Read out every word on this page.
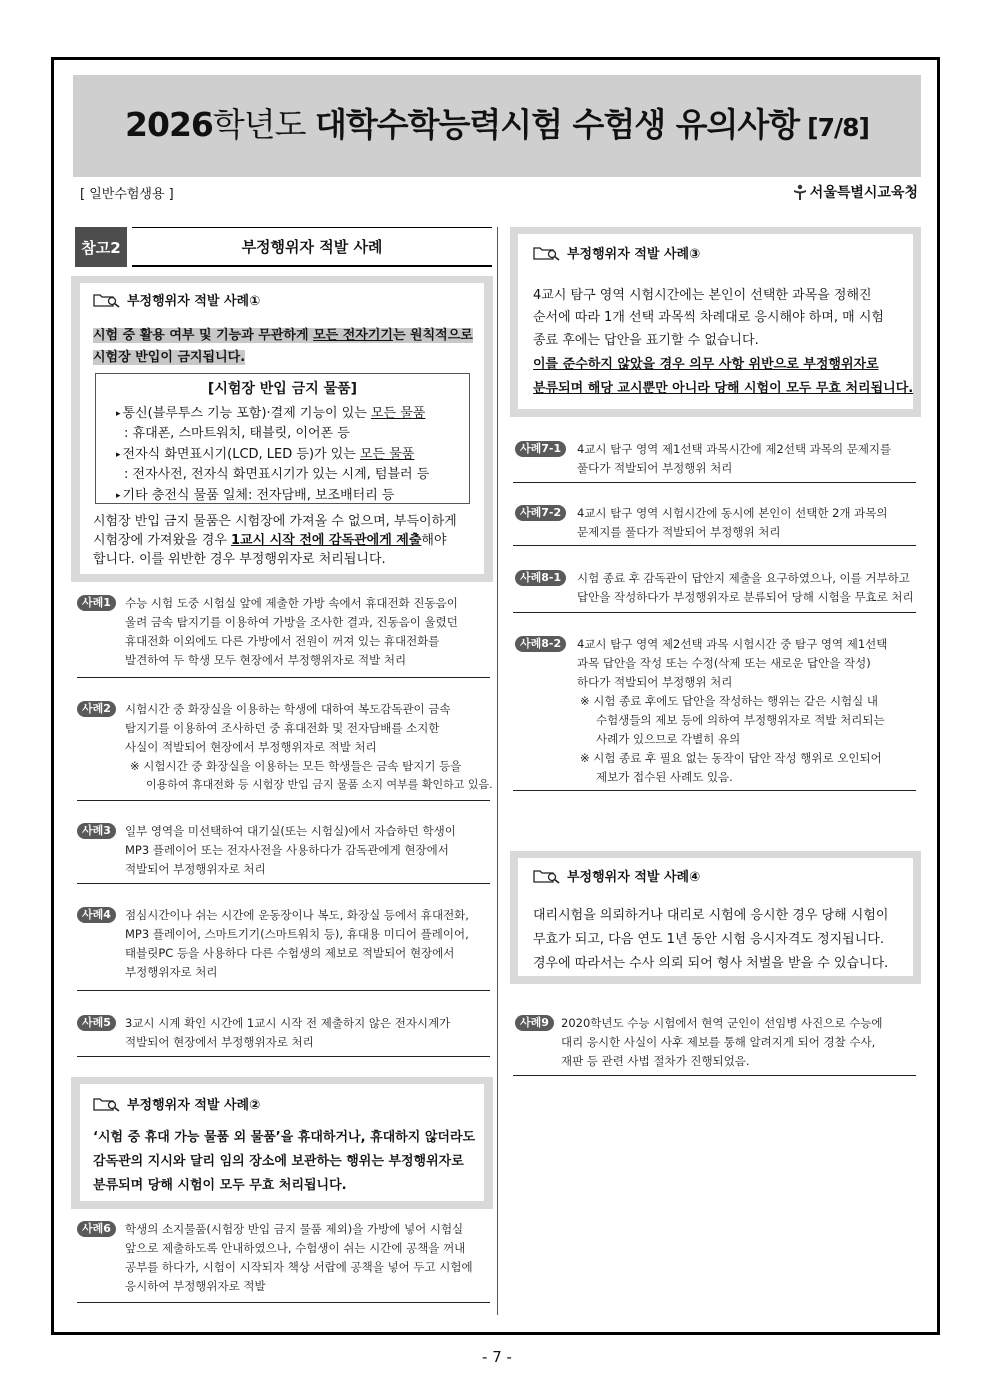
2026학년도 대학수학능력시험 수험생 유의사항 [7/8]
[ 일반수험생용 ]	서울특별시교육청
참고2	부정행위자 적발 사례
부정행위자 적발 사례①
시험 중 활용 여부 및 기능과 무관하게 모든 전자기기는 원칙적으로
시험장 반입이 금지됩니다.
[시험장 반입 금지 물품]
▸ 통신(블루투스 기능 포함)·결제 기능이 있는 모든 물품
: 휴대폰, 스마트워치, 태블릿, 이어폰 등
▸ 전자식 화면표시기(LCD, LED 등)가 있는 모든 물품
: 전자사전, 전자식 화면표시기가 있는 시계, 텀블러 등
▸ 기타 충전식 물품 일체: 전자담배, 보조배터리 등
시험장 반입 금지 물품은 시험장에 가져올 수 없으며, 부득이하게
시험장에 가져왔을 경우 1교시 시작 전에 감독관에게 제출해야
합니다. 이를 위반한 경우 부정행위자로 처리됩니다.
사례1	수능 시험 도중 시험실 앞에 제출한 가방 속에서 휴대전화 진동음이
울려 금속 탐지기를 이용하여 가방을 조사한 결과, 진동음이 울렸던
휴대전화 이외에도 다른 가방에서 전원이 꺼져 있는 휴대전화를
발견하여 두 학생 모두 현장에서 부정행위자로 적발 처리
사례2	시험시간 중 화장실을 이용하는 학생에 대하여 복도감독관이 금속
탐지기를 이용하여 조사하던 중 휴대전화 및 전자담배를 소지한
사실이 적발되어 현장에서 부정행위자로 적발 처리
※ 시험시간 중 화장실을 이용하는 모든 학생들은 금속 탐지기 등을
이용하여 휴대전화 등 시험장 반입 금지 물품 소지 여부를 확인하고 있음.
사례3	일부 영역을 미선택하여 대기실(또는 시험실)에서 자습하던 학생이
MP3 플레이어 또는 전자사전을 사용하다가 감독관에게 현장에서
적발되어 부정행위자로 처리
사례4	점심시간이나 쉬는 시간에 운동장이나 복도, 화장실 등에서 휴대전화,
MP3 플레이어, 스마트기기(스마트워치 등), 휴대용 미디어 플레이어,
태블릿PC 등을 사용하다 다른 수험생의 제보로 적발되어 현장에서
부정행위자로 처리
사례5	3교시 시계 확인 시간에 1교시 시작 전 제출하지 않은 전자시계가
적발되어 현장에서 부정행위자로 처리
부정행위자 적발 사례②
‘시험 중 휴대 가능 물품 외 물품’을 휴대하거나, 휴대하지 않더라도
감독관의 지시와 달리 임의 장소에 보관하는 행위는 부정행위자로
분류되며 당해 시험이 모두 무효 처리됩니다.
사례6	학생의 소지물품(시험장 반입 금지 물품 제외)을 가방에 넣어 시험실
앞으로 제출하도록 안내하였으나, 수험생이 쉬는 시간에 공책을 꺼내
공부를 하다가, 시험이 시작되자 책상 서랍에 공책을 넣어 두고 시험에
응시하여 부정행위자로 적발
부정행위자 적발 사례③
4교시 탐구 영역 시험시간에는 본인이 선택한 과목을 정해진
순서에 따라 1개 선택 과목씩 차례대로 응시해야 하며, 매 시험
종료 후에는 답안을 표기할 수 없습니다.
이를 준수하지 않았을 경우 의무 사항 위반으로 부정행위자로
분류되며 해당 교시뿐만 아니라 당해 시험이 모두 무효 처리됩니다.
사례7-1	4교시 탐구 영역 제1선택 과목시간에 제2선택 과목의 문제지를
풀다가 적발되어 부정행위 처리
사례7-2	4교시 탐구 영역 시험시간에 동시에 본인이 선택한 2개 과목의
문제지를 풀다가 적발되어 부정행위 처리
사례8-1	시험 종료 후 감독관이 답안지 제출을 요구하였으나, 이를 거부하고
답안을 작성하다가 부정행위자로 분류되어 당해 시험을 무효로 처리
사례8-2	4교시 탐구 영역 제2선택 과목 시험시간 중 탐구 영역 제1선택
과목 답안을 작성 또는 수정(삭제 또는 새로운 답안을 작성)
하다가 적발되어 부정행위 처리
※ 시험 종료 후에도 답안을 작성하는 행위는 같은 시험실 내
수험생들의 제보 등에 의하여 부정행위자로 적발 처리되는
사례가 있으므로 각별히 유의
※ 시험 종료 후 필요 없는 동작이 답안 작성 행위로 오인되어
제보가 접수된 사례도 있음.
부정행위자 적발 사례④
대리시험을 의뢰하거나 대리로 시험에 응시한 경우 당해 시험이
무효가 되고, 다음 연도 1년 동안 시험 응시자격도 정지됩니다.
경우에 따라서는 수사 의뢰 되어 형사 처벌을 받을 수 있습니다.
사례9	2020학년도 수능 시험에서 현역 군인이 선임병 사진으로 수능에
대리 응시한 사실이 사후 제보를 통해 알려지게 되어 경찰 수사,
재판 등 관련 사법 절차가 진행되었음.
- 7 -
